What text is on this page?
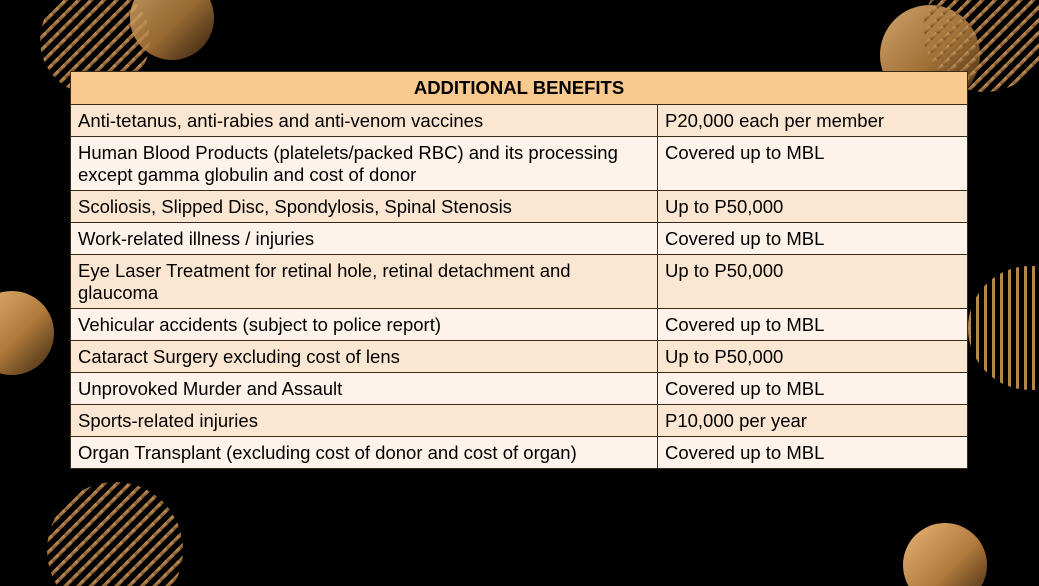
ADDITIONAL BENEFITS	
Anti-tetanus, anti-rabies and anti-venom vaccines	P20,000 each per member
Human Blood Products (platelets/packed RBC) and its processing except gamma globulin and cost of donor	Covered up to MBL
Scoliosis, Slipped Disc, Spondylosis, Spinal Stenosis	Up to P50,000
Work-related illness / injuries	Covered up to MBL
Eye Laser Treatment for retinal hole, retinal detachment and glaucoma	Up to P50,000
Vehicular accidents (subject to police report)	Covered up to MBL
Cataract Surgery excluding cost of lens	Up to P50,000
Unprovoked Murder and Assault	Covered up to MBL
Sports-related injuries	P10,000 per year
Organ Transplant (excluding cost of donor and cost of organ)	Covered up to MBL
